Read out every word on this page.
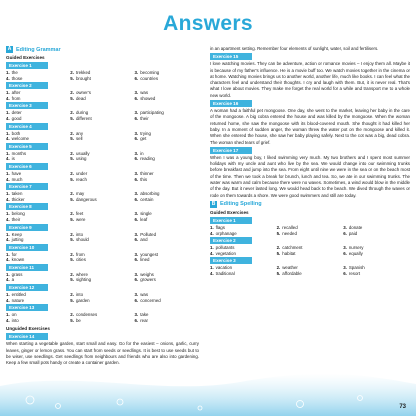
Answers
A Editing Grammar
Guided Exercises
Exercise 1
1. the	2. trekked	3. becoming
4. those	5. brought	6. countries
Exercise 2
1. after	2. owner's	3. was
4. from	5. dead	6. showed
Exercise 3
1. deter	2. during	3. participating
4. good	5. different	6. their
Exercise 4
1. both	2. any	3. trying
4. welcome	5. sell	6. get
Exercise 5
1. months	2. usually	3. in
4. is	5. using	6. reading
Exercise 6
1. have	2. under	3. thinner
4. much	5. reach	6. this
Exercise 7
1. taken	2. may	3. absorbing
4. thicker	5. dangerous	6. certain
Exercise 8
1. belong	2. feet	3. single
4. their	5. were	6. leaf
Exercise 9
1. Keep	2. into	3. Polluted
4. jutting	5. should	6. and
Exercise 10
1. for	2. from	3. youngest
4. known	5. cities	6. lined
Exercise 11
1. grass	2. where	3. weighs
4. a	5. sighting	6. growers
Exercise 12
1. entitled	2. into	3. was
4. nature	5. garden	6. concerned
Exercise 13
1. on	2. condenses	3. take
4. into	5. be	6. rear
Unguided Exercises
Exercise 14
When starting a vegetable garden, start small and easy. Go for the easiest – onions, garlic, curry leaves, ginger or lemon grass. You can start from seeds or seedlings. It is best to use seeds but to be wiser, use seedlings. Get seedlings from neighbours and friends who are also into gardening. Keep a few small pots handy or create a container garden.
in an apartment setting. Remember four elements of sunlight, water, soil and fertilisers.
Exercise 15
I love watching movies. They can be adventure, action or romance movies – I enjoy them all. Maybe it is because of my father's influence. He is a movie buff too. We watch movies together in the cinema or at home. Watching movies brings us to another world, another life, much like books. I can feel what the characters feel and understand their thoughts. I cry and laugh with them. But, it is never real. That's what I love about movies. They make me forget the real world for a while and transport me to a whole new world.
Exercise 16
A woman had a faithful pet mongoose. One day, she went to the market, leaving her baby in the care of the mongoose. A big cobra entered the house and was killed by the mongoose. When the woman returned home, she saw the mongoose with its blood-covered mouth. She thought it had killed her baby. In a moment of sudden anger, the woman threw the water pot on the mongoose and killed it. When she entered the house, she saw her baby playing safely. Next to the cot was a big, dead cobra. The woman shed tears of grief.
Exercise 17
When I was a young boy, I liked swimming very much. My two brothers and I spent most summer holidays with my uncle and aunt who live by the sea. We would change into our swimming trunks before breakfast and jump into the sea. From eight until nine we were in the sea or on the beach most of the time. Then we took a break for brunch, lunch and tea. So, we ate in our swimming trunks. The water was warm and calm because there were no waves. Sometimes, a wind would blow in the middle of the day. But it never lasted long. We would head back to the beach. We dived through the waves or rode on them towards a shore. We were good swimmers and still are today.
B Editing Spelling
Guided Exercises
Exercise 1
1. flags	2. recalled	3. donate
4. orphanage	5. needed	6. paid
Exercise 2
1. pollutants	2. catchment	3. nursery
4. vegetation	5. habitat	6. equally
Exercise 3
1. vacation	2. weather	3. Spanish
4. traditional	5. affordable	6. resort
73
